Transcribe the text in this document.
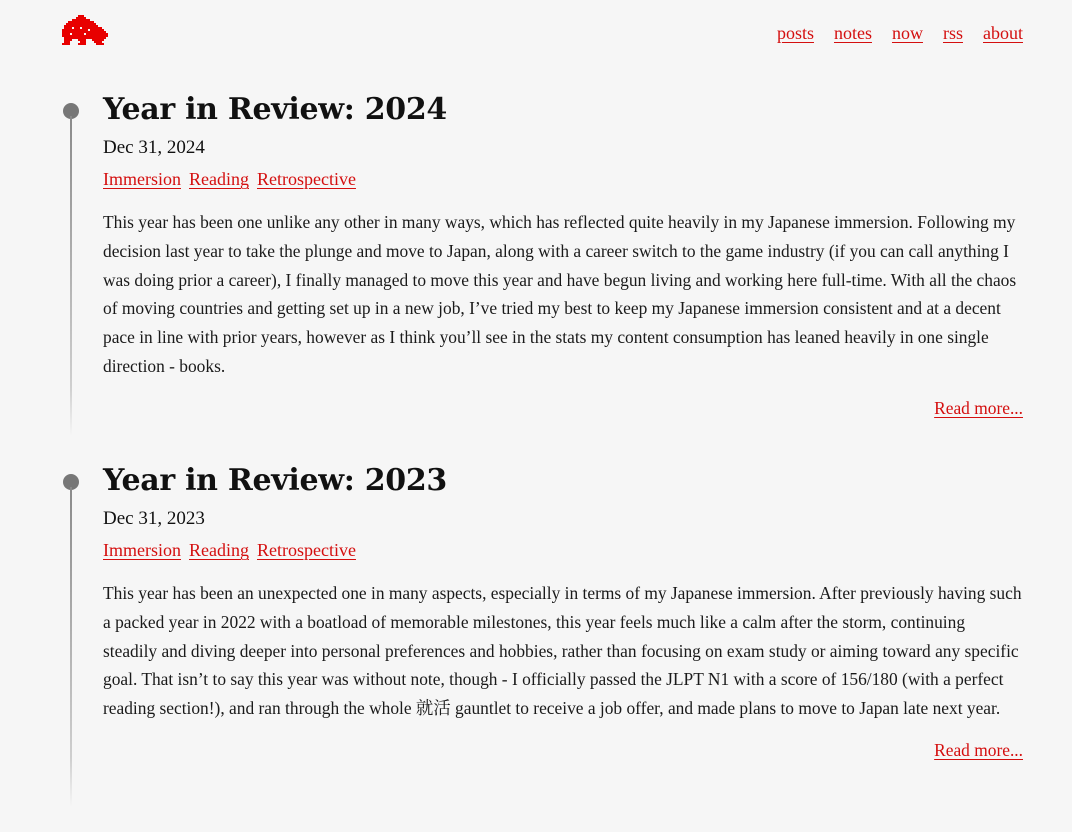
posts notes now rss about
Year in Review: 2024
Dec 31, 2024
Immersion Reading Retrospective

This year has been one unlike any other in many ways, which has reflected quite heavily in my Japanese immersion. Following my decision last year to take the plunge and move to Japan, along with a career switch to the game industry (if you can call anything I was doing prior a career), I finally managed to move this year and have begun living and working here full-time. With all the chaos of moving countries and getting set up in a new job, I’ve tried my best to keep my Japanese immersion consistent and at a decent pace in line with prior years, however as I think you’ll see in the stats my content consumption has leaned heavily in one single direction - books.

Read more...
Year in Review: 2023
Dec 31, 2023
Immersion Reading Retrospective

This year has been an unexpected one in many aspects, especially in terms of my Japanese immersion. After previously having such a packed year in 2022 with a boatload of memorable milestones, this year feels much like a calm after the storm, continuing steadily and diving deeper into personal preferences and hobbies, rather than focusing on exam study or aiming toward any specific goal. That isn’t to say this year was without note, though - I officially passed the JLPT N1 with a score of 156/180 (with a perfect reading section!), and ran through the whole 就活 gauntlet to receive a job offer, and made plans to move to Japan late next year.

Read more...
